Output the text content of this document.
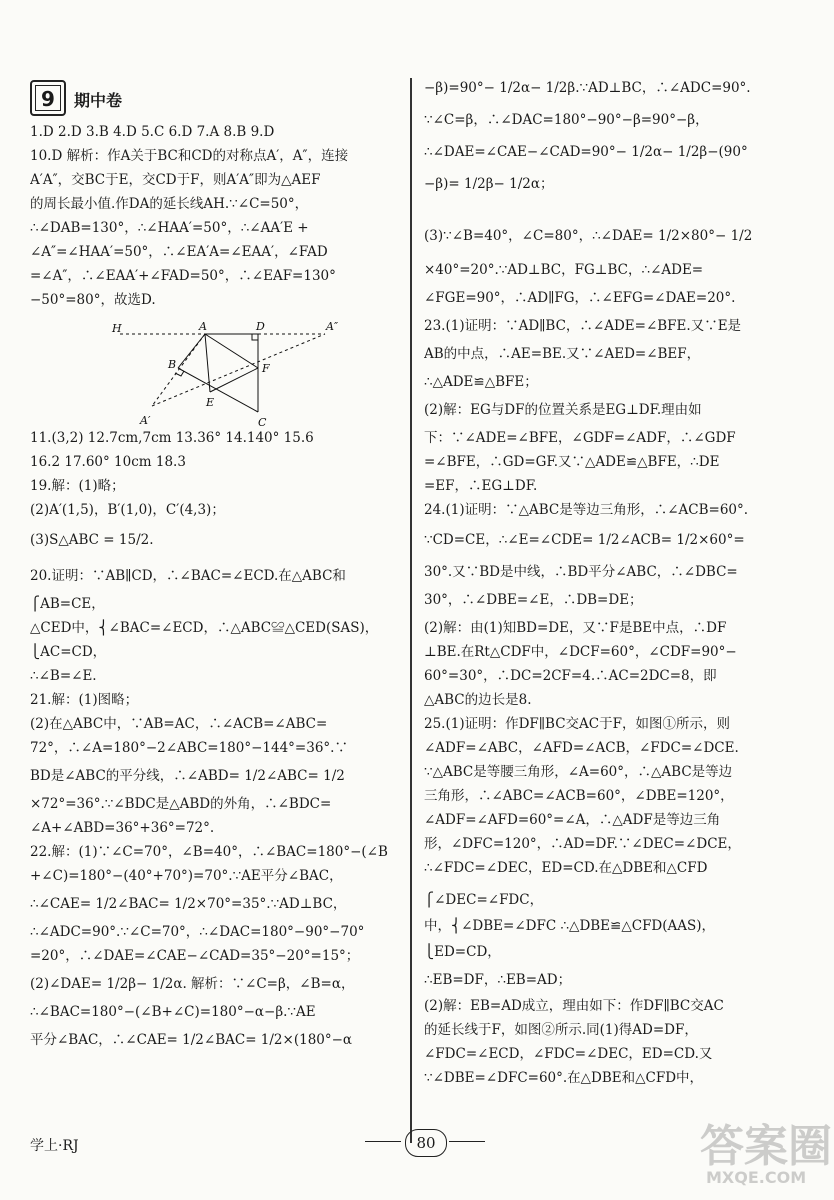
9	期中卷
1.D 2.D 3.B 4.D 5.C 6.D 7.A 8.B 9.D
10.D 解析：作A关于BC和CD的对称点A′，A″，连接
A′A″，交BC于E，交CD于F，则A′A″即为△AEF
的周长最小值.作DA的延长线AH.∵∠C=50°，
∴∠DAB=130°，∴∠HAA′=50°，∴∠AA′E +
∠A″=∠HAA′=50°，∴∠EA′A=∠EAA′，∠FAD
=∠A″，∴∠EAA′+∠FAD=50°，∴∠EAF=130°
−50°=80°，故选D.
11.(3,2) 12.7cm,7cm 13.36° 14.140° 15.6
16.2 17.60° 10cm 18.3
19.解：(1)略；
(2)A′(1,5)，B′(1,0)，C′(4,3)；
(3)S△ABC = 15/2.
20.证明：∵AB∥CD，∴∠BAC=∠ECD.在△ABC和
⎧AB=CE，
△CED中，⎨∠BAC=∠ECD，∴△ABC≌△CED(SAS)，
⎩AC=CD，
∴∠B=∠E.
21.解：(1)图略；
(2)在△ABC中，∵AB=AC，∴∠ACB=∠ABC=
72°，∴∠A=180°−2∠ABC=180°−144°=36°.∵
BD是∠ABC的平分线，∴∠ABD= 1/2∠ABC= 1/2
×72°=36°.∵∠BDC是△ABD的外角，∴∠BDC=
∠A+∠ABD=36°+36°=72°.
22.解：(1)∵∠C=70°，∠B=40°，∴∠BAC=180°−(∠B
+∠C)=180°−(40°+70°)=70°.∵AE平分∠BAC，
∴∠CAE= 1/2∠BAC= 1/2×70°=35°.∵AD⊥BC，
∴∠ADC=90°.∵∠C=70°，∴∠DAC=180°−90°−70°
=20°，∴∠DAE=∠CAE−∠CAD=35°−20°=15°；
(2)∠DAE= 1/2β− 1/2α. 解析：∵∠C=β，∠B=α，
∴∠BAC=180°−(∠B+∠C)=180°−α−β.∵AE
平分∠BAC，∴∠CAE= 1/2∠BAC= 1/2×(180°−α
H	A	D	A″
B	F
E
A′	C
−β)=90°− 1/2α− 1/2β.∵AD⊥BC，∴∠ADC=90°.
∵∠C=β，∴∠DAC=180°−90°−β=90°−β，
∴∠DAE=∠CAE−∠CAD=90°− 1/2α− 1/2β−(90°
−β)= 1/2β− 1/2α；
(3)∵∠B=40°，∠C=80°，∴∠DAE= 1/2×80°− 1/2
×40°=20°.∵AD⊥BC，FG⊥BC，∴∠ADE=
∠FGE=90°，∴AD∥FG，∴∠EFG=∠DAE=20°.
23.(1)证明：∵AD∥BC，∴∠ADE=∠BFE.又∵E是
AB的中点，∴AE=BE.又∵∠AED=∠BEF，
∴△ADE≌△BFE；
(2)解：EG与DF的位置关系是EG⊥DF.理由如
下：∵∠ADE=∠BFE，∠GDF=∠ADF，∴∠GDF
=∠BFE，∴GD=GF.又∵△ADE≌△BFE，∴DE
=EF，∴EG⊥DF.
24.(1)证明：∵△ABC是等边三角形，∴∠ACB=60°.
∵CD=CE，∴∠E=∠CDE= 1/2∠ACB= 1/2×60°=
30°.又∵BD是中线，∴BD平分∠ABC，∴∠DBC=
30°，∴∠DBE=∠E，∴DB=DE；
(2)解：由(1)知BD=DE，又∵F是BE中点，∴DF
⊥BE.在Rt△CDF中，∠DCF=60°，∠CDF=90°−
60°=30°，∴DC=2CF=4.∴AC=2DC=8，即
△ABC的边长是8.
25.(1)证明：作DF∥BC交AC于F，如图①所示，则
∠ADF=∠ABC，∠AFD=∠ACB，∠FDC=∠DCE.
∵△ABC是等腰三角形，∠A=60°，∴△ABC是等边
三角形，∴∠ABC=∠ACB=60°，∠DBE=120°，
∠ADF=∠AFD=60°=∠A，∴△ADF是等边三角
形，∠DFC=120°，∴AD=DF.∵∠DEC=∠DCE，
∴∠FDC=∠DEC，ED=CD.在△DBE和△CFD
⎧∠DEC=∠FDC，
中，⎨∠DBE=∠DFC ∴△DBE≌△CFD(AAS)，
⎩ED=CD，
∴EB=DF，∴EB=AD；
(2)解：EB=AD成立，理由如下：作DF∥BC交AC
的延长线于F，如图②所示.同(1)得AD=DF，
∠FDC=∠ECD，∠FDC=∠DEC，ED=CD.又
∵∠DBE=∠DFC=60°.在△DBE和△CFD中，
学上·RJ	80	答案圈
MXQE.COM
